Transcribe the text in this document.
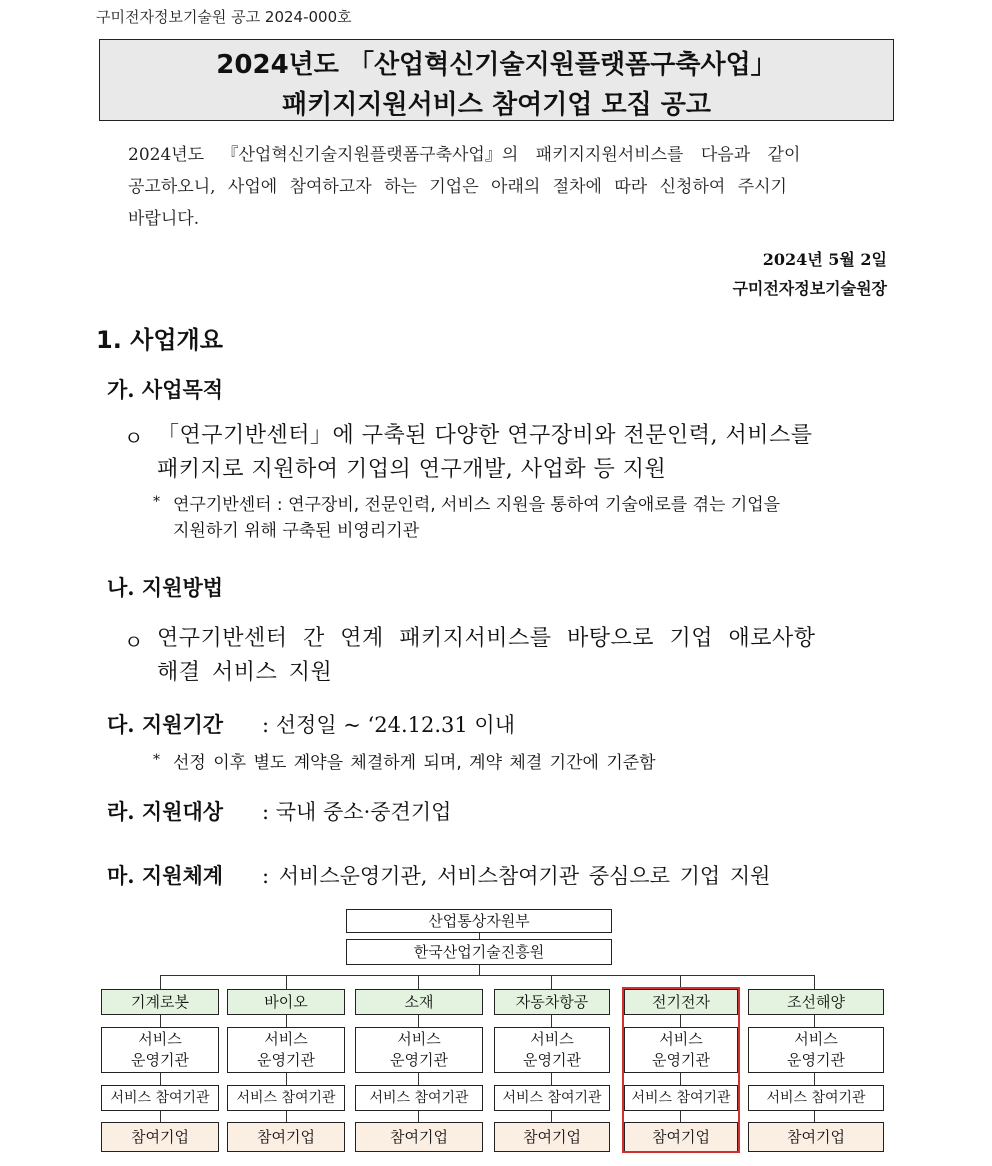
구미전자정보기술원 공고 2024-000호
2024년도 「산업혁신기술지원플랫폼구축사업」
패키지지원서비스 참여기업 모집 공고
2024년도 『산업혁신기술지원플랫폼구축사업』의 패키지지원서비스를 다음과 같이
공고하오니, 사업에 참여하고자 하는 기업은 아래의 절차에 따라 신청하여 주시기
바랍니다.
2024년 5월 2일
구미전자정보기술원장
1. 사업개요
가. 사업목적
ㅇ 「연구기반센터」에 구축된 다양한 연구장비와 전문인력, 서비스를
패키지로 지원하여 기업의 연구개발, 사업화 등 지원
* 연구기반센터 : 연구장비, 전문인력, 서비스 지원을 통하여 기술애로를 겪는 기업을
지원하기 위해 구축된 비영리기관
나. 지원방법
ㅇ 연구기반센터 간 연계 패키지서비스를 바탕으로 기업 애로사항
해결 서비스 지원
다. 지원기간 : 선정일 ~ ‘24.12.31 이내
* 선정 이후 별도 계약을 체결하게 되며, 계약 체결 기간에 기준함
라. 지원대상 : 국내 중소·중견기업
마. 지원체계 : 서비스운영기관, 서비스참여기관 중심으로 기업 지원
산업통상자원부
한국산업기술진흥원
기계로봇
서비스
운영기관
서비스 참여기관
참여기업
바이오
서비스
운영기관
서비스 참여기관
참여기업
소재
서비스
운영기관
서비스 참여기관
참여기업
자동차항공
서비스
운영기관
서비스 참여기관
참여기업
전기전자
서비스
운영기관
서비스 참여기관
참여기업
조선해양
서비스
운영기관
서비스 참여기관
참여기업
